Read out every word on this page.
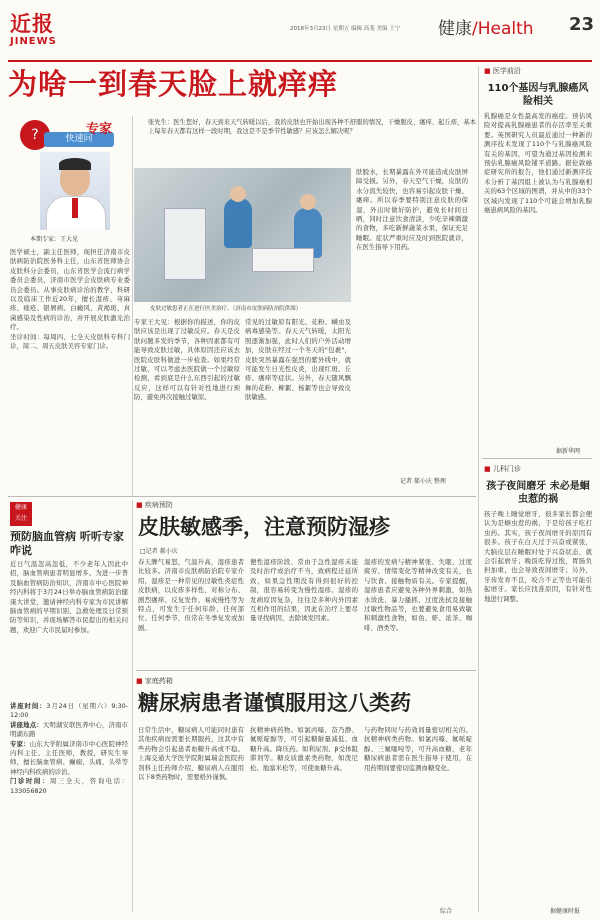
近报
JINEWS
2018年3月23日 星期五 编辑 高斐 美编 王宁	健康/Health 23
为啥一到春天脸上就痒痒
?	快速问
专家	张先生：医生您好，春天到来天气转暖以后，我的皮肤也开始出现各种不舒服的情况，干燥脱皮、瘙痒、起丘疹，基本上每年春天都有这样一段时期，我这是不是季节性敏感？应该怎么解决呢？
本期专家：王大见
医学硕士，副主任医师，现担任济南市皮肤病防治院医务科主任，山东省医师协会皮肤科分会委员，山东省医学会流行病学委员会委员，济南市医学会皮肤病专业委员会委员。从事皮肤病诊治的教学、科研以及临床工作近20年，擅长湿疹、荨麻疹、痤疮、银屑病、白癜风、黄褐斑、真菌感染及性病的诊治，并开展皮肤激光治疗。
坐诊时间：每周四、七全天皮肤科专科门诊，周二、周五皮肤美容专家门诊。
皮肤过敏患者正在进行医美治疗。（济南市皮肤病防治院供图）
专家王大见：根据你的描述，你的皮肤应该是出现了过敏反应。春天是皮肤问题多发的季节，各种因素都有可能导致皮肤过敏，具体原因还应该去医院皮肤科做进一步检查。如果经常过敏，可以考虑去医院做一个过敏原检测，看到底是什么东西引起的过敏反应，这样可以有针对性地进行预防，避免再次接触过敏原。
常见的过敏原有阳光、花粉、螨虫及病毒感染等。春天天气转暖，太阳光照逐渐加强，此时人们的户外活动增加，皮肤在经过一个冬天的"包裹"，皮肤突然暴露在强烈的紫外线中，就可能发生日光性皮炎，出现红斑、丘疹、瘙痒等症状。另外，春天随风飘舞的花粉、柳絮、杨絮等也会导致皮肤敏感。
肤脱水，长期暴露在外可能造成皮肤屏障受损。另外，春天空气干燥，皮肤的水分流失较快，也容易引起皮肤干燥、瘙痒。所以春季要特别注意皮肤的保湿，外出时做好防护，避免长时间日晒，同时注意饮食清淡，少吃辛辣刺激的食物，多吃新鲜蔬菜水果，保证充足睡眠。症状严重时应及时到医院就诊，在医生指导下用药。
记者 郝小庆 整理
健康
关注
预防脑血管病 听听专家咋说
近日气温忽高忽低，不少老年人因此中招，脑血管病患者明显增多。为进一步普及脑血管病防治知识，济南市中心医院神经内科将于3月24日举办脑血管病防治健康大讲堂，邀请神经内科专家为市民讲解脑血管病的早期识别、急救处理及日常预防等知识，并现场解答市民提出的相关问题，欢迎广大市民届时参加。
讲座时间：3月24日（星期六）9:30-12:00
讲座地点：大明湖安联医养中心，济南市明湖东路
专家：山东大学附属济南市中心医院神经内科主任、主任医师，教授，研究生导师，擅长脑血管病、癫痫、头痛、头晕等神经内科疾病的诊治。
门诊时间：周三全天，咨询电话：133056820
■ 疾病预防
皮肤敏感季，注意预防湿疹
□记者 郝小庆
春天脾气易怒，气温升高，湿疹患者比较多。济南市皮肤病防治院专家介绍，湿疹是一种常见的过敏性炎症性皮肤病，以皮疹多样性、对称分布、剧烈瘙痒、反复发作、易成慢性等为特点，可发生于任何年龄、任何部位、任何季节，但常在冬季复发或加剧。
便性湿疹阶段、常由于急性湿疹未能及时治疗或治疗不当，致病程迁延所致，如果急性期没有得到很好的控制，很容易转变为慢性湿疹。湿疹的发病原因复杂，往往是多种内外因素互相作用的结果，因此在治疗上要尽量寻找病因，去除诱发因素。
湿疹的发病与精神紧张、失眠、过度疲劳、情绪变化等精神改变有关，也与饮食、接触物质有关。专家提醒，湿疹患者应避免各种外界刺激，如热水烫洗、暴力搔抓、过度洗拭及接触过敏性物品等，也要避免食用易致敏和刺激性食物，如鱼、虾、浓茶、咖啡、酒类等。
■ 家庭药箱
糖尿病患者谨慎服用这八类药
日常生活中，糖尿病人可能同时患有其他疾病而需要长期服药，这其中有些药物会引起患者血糖升高或不稳。上海交通大学医学院附属瑞金医院药剂科主任药师介绍，糖尿病人在服用以下8类药物时，需要格外谨慎。
抗精神病药物。如氯丙嗪、奋乃静、氟哌啶醇等，可引起糖耐量减低、血糖升高。降压药。如利尿剂、β受体阻滞剂等。糖皮质激素类药物，如泼尼松、地塞米松等，可使血糖升高。
与药物同时与药效间量密切相关的。抗精神病类药物。如氯丙嗪、氟哌啶醇、三氟噻吨等，可升高血糖，老年糖尿病患者需在医生指导下使用，在用药期间要密切监测血糖变化。
综合
■ 医学前沿
110个基因与乳腺癌风险相关
乳腺癌是女性最高发的癌症。预估风险对提高乳腺癌患者的存活率至关重要。英国研究人员最近通过一种新的测序技术发现了110个与乳腺癌风险有关的基因，可望为通过基因检测来预估乳腺癌风险铺平道路。据伦敦癌症研究所的报告，他们通过新测序技术分析了基因组上被认为与乳腺癌相关的63个区域的图谱，并从中的33个区域内发现了110个可能会增加乳腺癌患病风险的基因。
据新华网
■ 儿科门诊
孩子夜间磨牙 未必是蛔虫惹的祸
孩子晚上睡觉磨牙，很多家长都会便认为是蛔虫惹的祸，于是给孩子吃打虫药。其实，孩子夜间磨牙的原因有很多。孩子在白天过于兴奋或紧张，大脑皮层在睡眠时处于兴奋状态，就会引起磨牙；晚饭吃得过饱，胃肠负担加重，也会导致夜间磨牙；另外，牙齿发育不良，咬合不正等也可能引起磨牙。家长应找准原因，有针对性地进行调整。
据健康时报
